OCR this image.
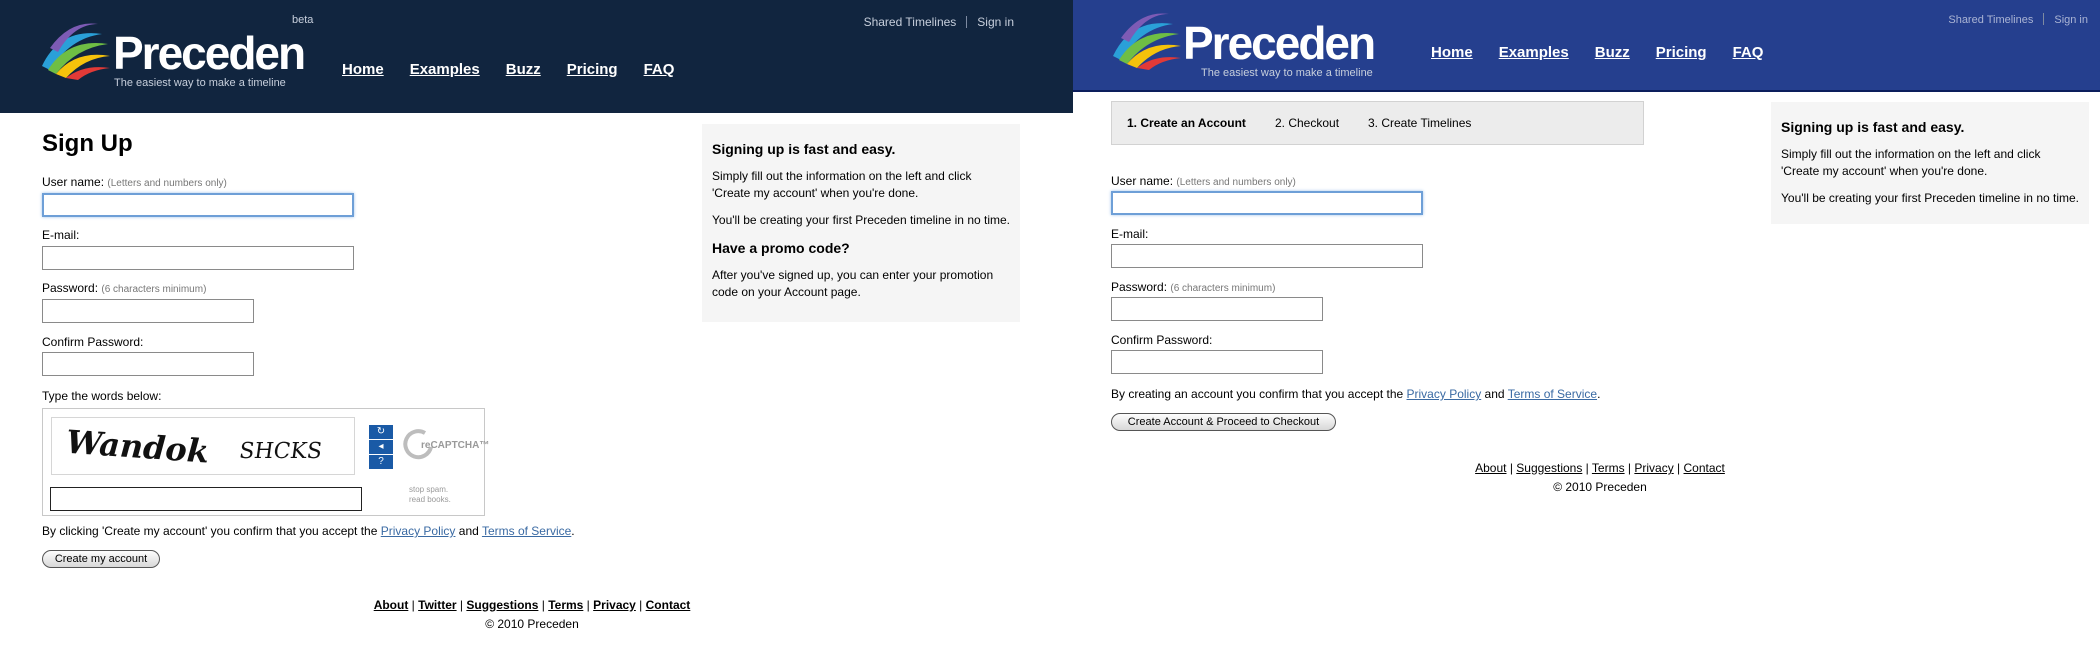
Preceden
The easiest way to make a timeline
beta
Home Examples Buzz Pricing FAQ
Shared Timelines Sign in
Sign Up
User name: (Letters and numbers only)
E-mail:
Password: (6 characters minimum)
Confirm Password:
Type the words below:
Wandok SHCKS
↻
◂
?
reCAPTCHA™
stop spam.
read books.
By clicking 'Create my account' you confirm that you accept the Privacy Policy and Terms of Service.
Create my account
Signing up is fast and easy.

Simply fill out the information on the left and click 'Create my account' when you're done.

You'll be creating your first Preceden timeline in no time.

Have a promo code?

After you've signed up, you can enter your promotion code on your Account page.

About | Twitter | Suggestions | Terms | Privacy | Contact
© 2010 Preceden
Preceden
The easiest way to make a timeline
Home Examples Buzz Pricing FAQ
Shared Timelines Sign in
1. Create an Account 2. Checkout 3. Create Timelines
User name: (Letters and numbers only)
E-mail:
Password: (6 characters minimum)
Confirm Password:
By creating an account you confirm that you accept the Privacy Policy and Terms of Service.
Create Account & Proceed to Checkout
Signing up is fast and easy.

Simply fill out the information on the left and click 'Create my account' when you're done.

You'll be creating your first Preceden timeline in no time.

About | Suggestions | Terms | Privacy | Contact
© 2010 Preceden
